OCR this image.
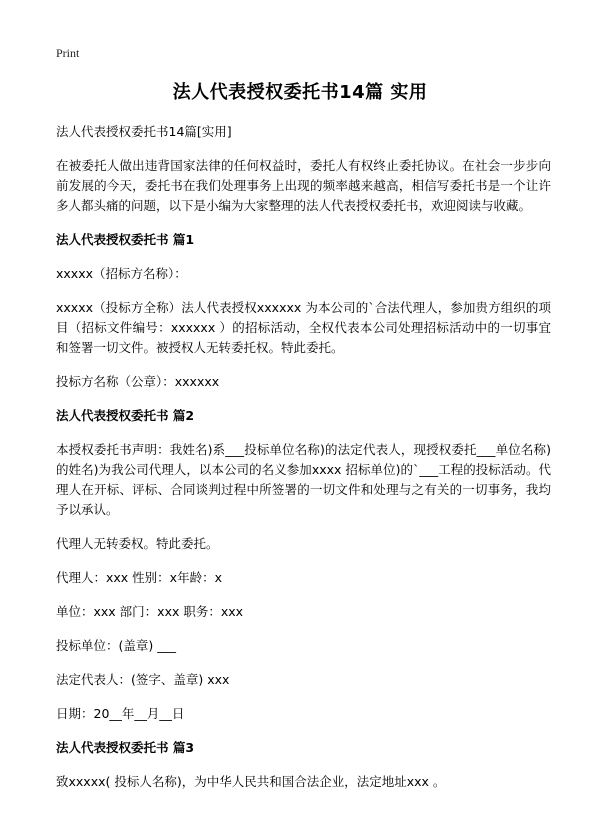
Print
法人代表授权委托书14篇 实用

法人代表授权委托书14篇[实用]

在被委托人做出违背国家法律的任何权益时，委托人有权终止委托协议。在社会一步步向前发展的今天，委托书在我们处理事务上出现的频率越来越高，相信写委托书是一个让许多人都头痛的问题，以下是小编为大家整理的法人代表授权委托书，欢迎阅读与收藏。

法人代表授权委托书 篇1

xxxxx（招标方名称）：

xxxxx（投标方全称）法人代表授权xxxxxx 为本公司的`合法代理人，参加贵方组织的项目（招标文件编号：xxxxxx ）的招标活动，全权代表本公司处理招标活动中的一切事宜和签署一切文件。被授权人无转委托权。特此委托。

投标方名称（公章）：xxxxxx

法人代表授权委托书 篇2

本授权委托书声明：我姓名)系___投标单位名称)的法定代表人，现授权委托___单位名称)的姓名)为我公司代理人，以本公司的名义参加xxxx 招标单位)的`___工程的投标活动。代理人在开标、评标、合同谈判过程中所签署的一切文件和处理与之有关的一切事务，我均予以承认。

代理人无转委权。特此委托。

代理人：xxx 性别：x年龄：x

单位：xxx 部门：xxx 职务：xxx

投标单位：(盖章) ___

法定代表人：(签字、盖章) xxx

日期：20__年__月__日

法人代表授权委托书 篇3

致xxxxx( 投标人名称)，为中华人民共和国合法企业，法定地址xxx 。
